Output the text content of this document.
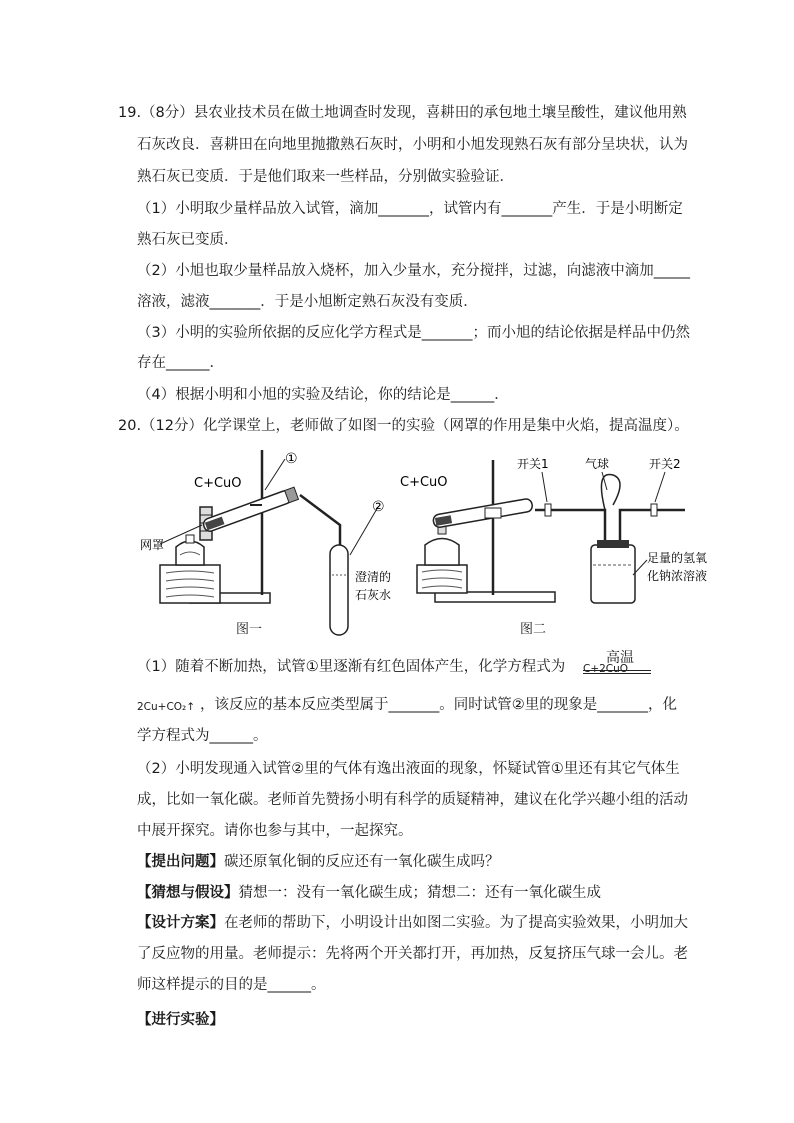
19.（8分）县农业技术员在做土地调查时发现，喜耕田的承包地土壤呈酸性，建议他用熟
石灰改良．喜耕田在向地里抛撒熟石灰时，小明和小旭发现熟石灰有部分呈块状，认为
熟石灰已变质．于是他们取来一些样品，分别做实验验证．
（1）小明取少量样品放入试管，滴加_______，试管内有_______产生．于是小明断定
熟石灰已变质．
（2）小旭也取少量样品放入烧杯，加入少量水，充分搅拌，过滤，向滤液中滴加_____
溶液，滤液_______．于是小旭断定熟石灰没有变质．
（3）小明的实验所依据的反应化学方程式是_______；而小旭的结论依据是样品中仍然
存在______．
（4）根据小明和小旭的实验及结论，你的结论是______．
20.（12分）化学课堂上，老师做了如图一的实验（网罩的作用是集中火焰，提高温度）。
C+CuO
网罩
①
②
澄清的
石灰水
图一
C+CuO
开关1	气球	开关2
足量的氢氧
化钠浓溶液
图二
（1）随着不断加热，试管①里逐渐有红色固体产生，化学方程式为 C+2CuO
高温
2Cu+CO₂↑ ，该反应的基本反应类型属于_______。同时试管②里的现象是_______，化
学方程式为______。
（2）小明发现通入试管②里的气体有逸出液面的现象，怀疑试管①里还有其它气体生
成，比如一氧化碳。老师首先赞扬小明有科学的质疑精神，建议在化学兴趣小组的活动
中展开探究。请你也参与其中，一起探究。
【提出问题】碳还原氧化铜的反应还有一氧化碳生成吗？
【猜想与假设】猜想一：没有一氧化碳生成；猜想二：还有一氧化碳生成
【设计方案】在老师的帮助下，小明设计出如图二实验。为了提高实验效果，小明加大
了反应物的用量。老师提示：先将两个开关都打开，再加热，反复挤压气球一会儿。老
师这样提示的目的是______。
【进行实验】
